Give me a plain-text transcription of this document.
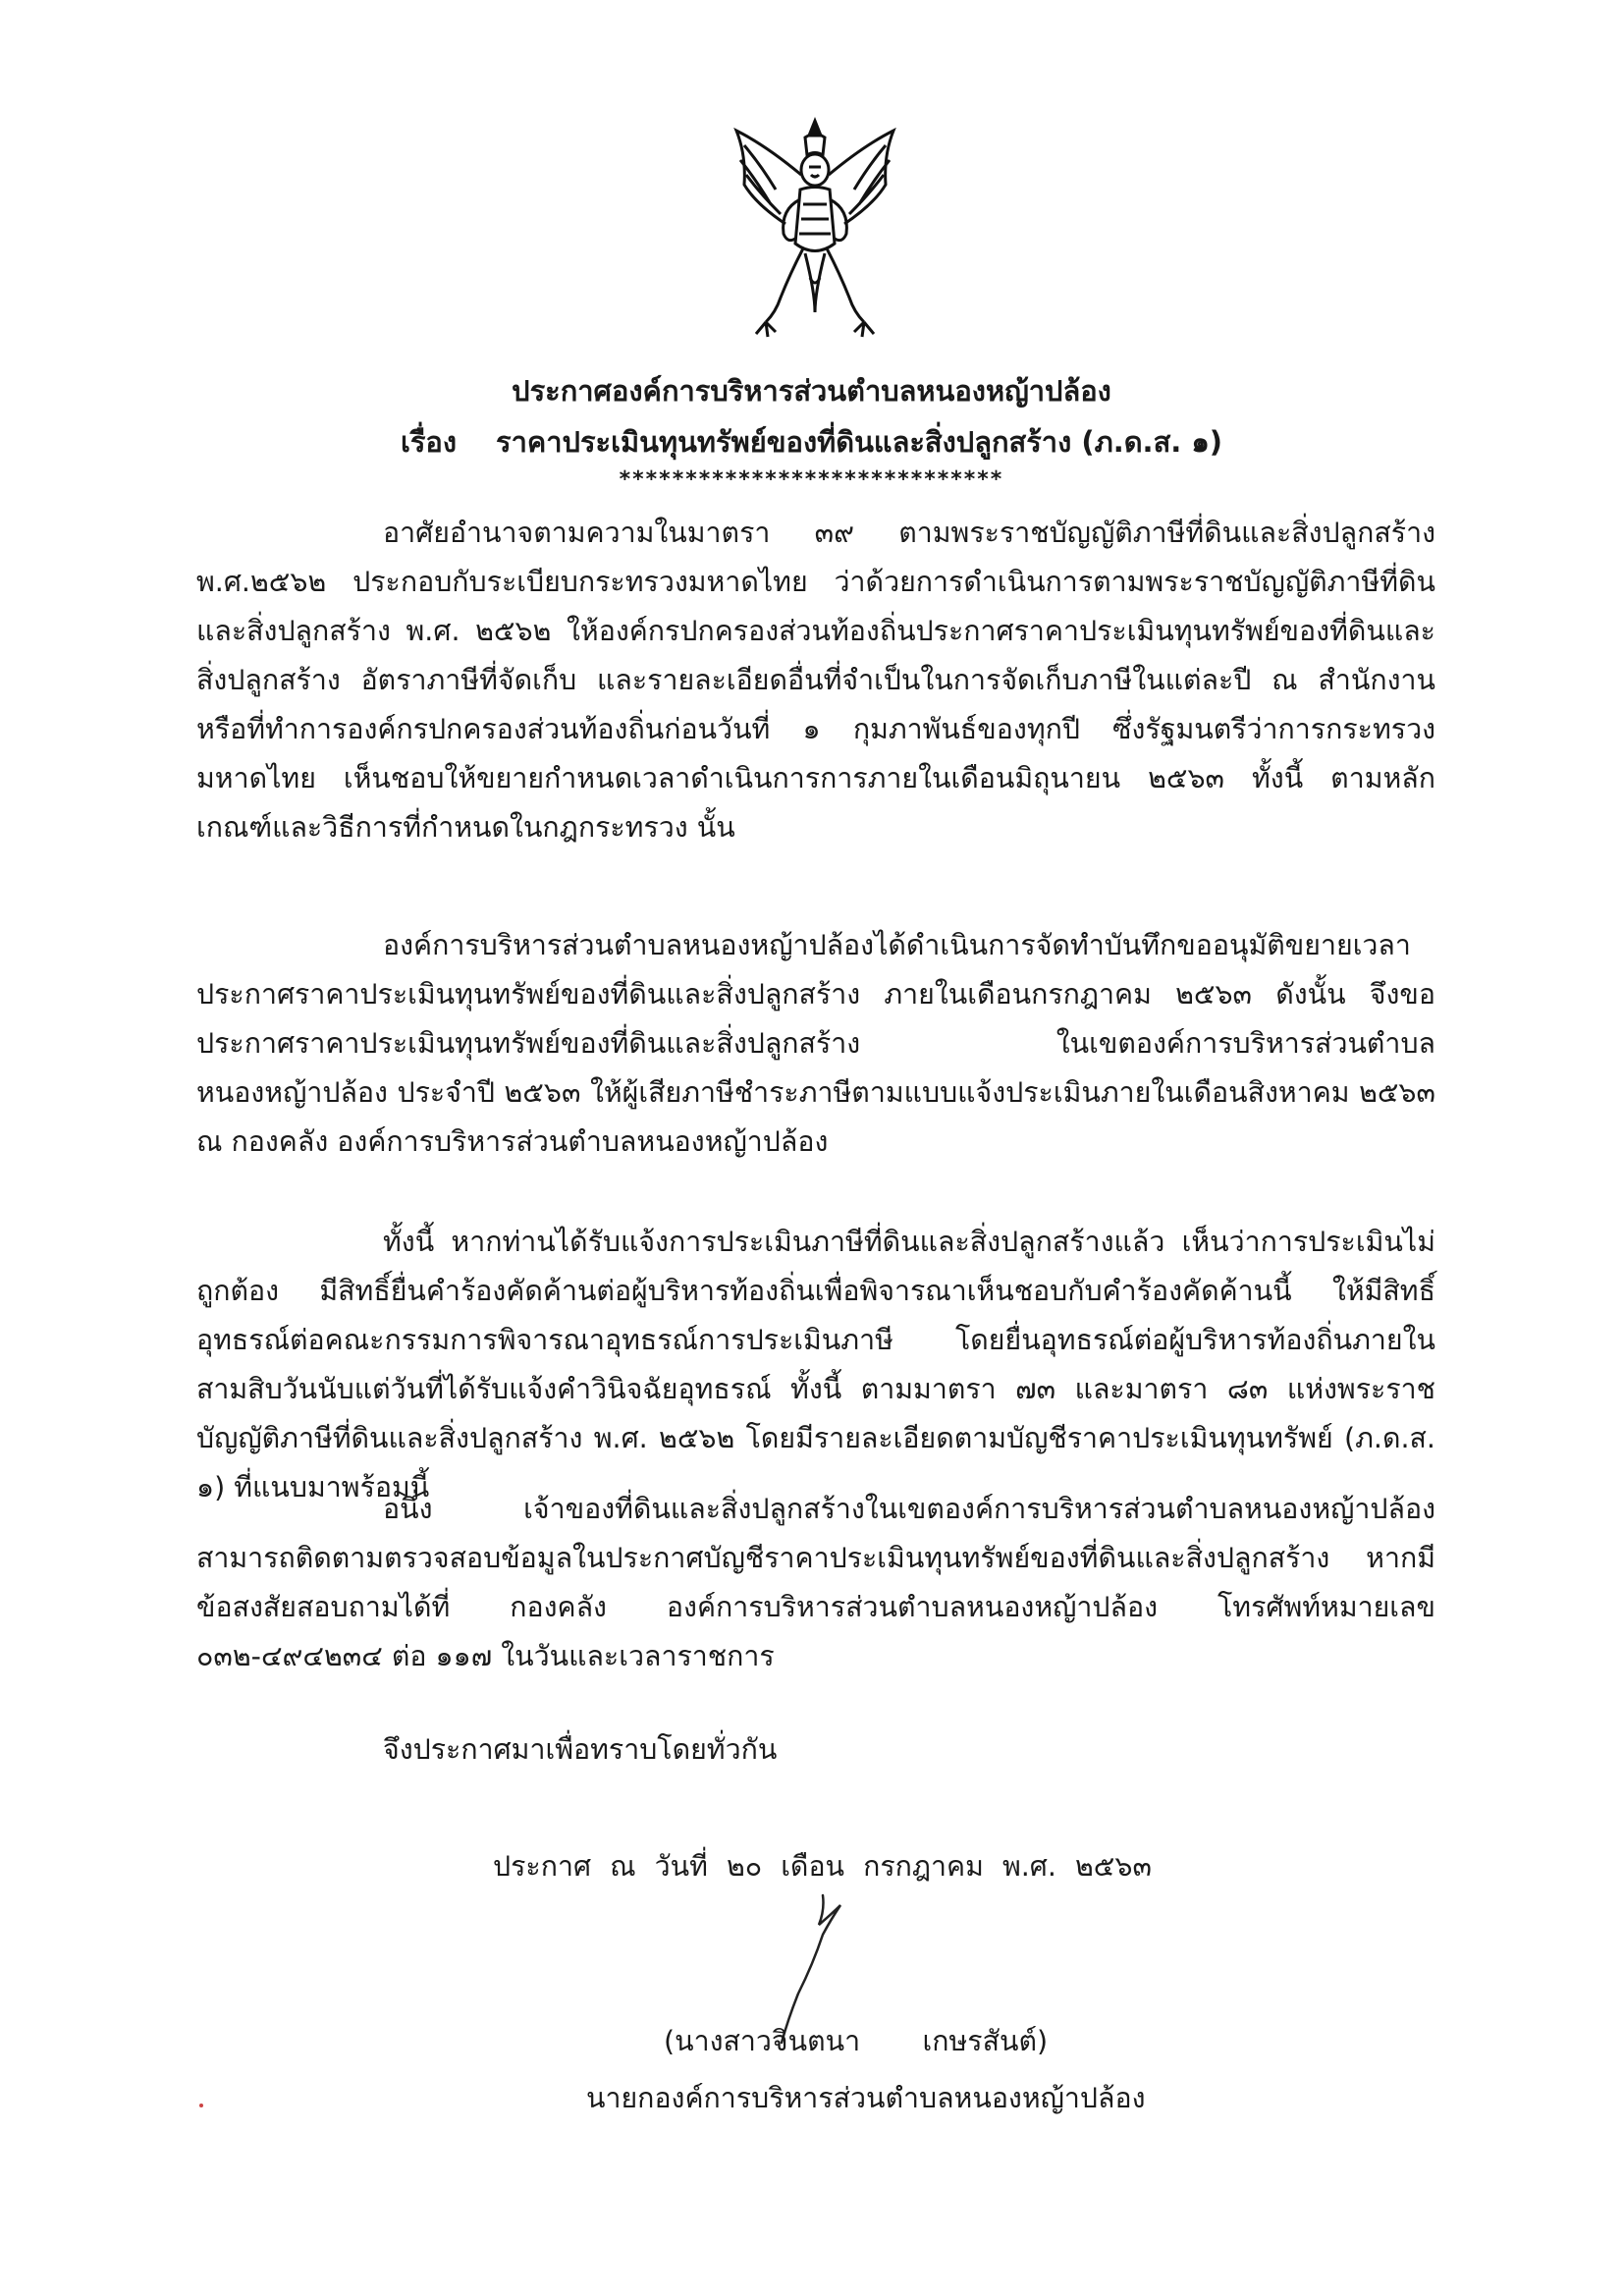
ประกาศองค์การบริหารส่วนตำบลหนองหญ้าปล้อง
เรื่อง ราคาประเมินทุนทรัพย์ของที่ดินและสิ่งปลูกสร้าง (ภ.ด.ส. ๑)
*****************************
อาศัยอำนาจตามความในมาตรา ๓๙ ตามพระราชบัญญัติภาษีที่ดินและสิ่งปลูกสร้าง พ.ศ.๒๕๖๒ ประกอบกับระเบียบกระทรวงมหาดไทย ว่าด้วยการดำเนินการตามพระราชบัญญัติภาษีที่ดินและสิ่งปลูกสร้าง พ.ศ. ๒๕๖๒ ให้องค์กรปกครองส่วนท้องถิ่นประกาศราคาประเมินทุนทรัพย์ของที่ดินและสิ่งปลูกสร้าง อัตราภาษีที่จัดเก็บ และรายละเอียดอื่นที่จำเป็นในการจัดเก็บภาษีในแต่ละปี ณ สำนักงานหรือที่ทำการองค์กรปกครองส่วนท้องถิ่นก่อนวันที่ ๑ กุมภาพันธ์ของทุกปี ซึ่งรัฐมนตรีว่าการกระทรวงมหาดไทย เห็นชอบให้ขยายกำหนดเวลาดำเนินการการภายในเดือนมิถุนายน ๒๕๖๓ ทั้งนี้ ตามหลักเกณฑ์และวิธีการที่กำหนดในกฎกระทรวง นั้น
องค์การบริหารส่วนตำบลหนองหญ้าปล้องได้ดำเนินการจัดทำบันทึกขออนุมัติขยายเวลาประกาศราคาประเมินทุนทรัพย์ของที่ดินและสิ่งปลูกสร้าง ภายในเดือนกรกฎาคม ๒๕๖๓ ดังนั้น จึงขอประกาศราคาประเมินทุนทรัพย์ของที่ดินและสิ่งปลูกสร้าง ในเขตองค์การบริหารส่วนตำบลหนองหญ้าปล้อง ประจำปี ๒๕๖๓ ให้ผู้เสียภาษีชำระภาษีตามแบบแจ้งประเมินภายในเดือนสิงหาคม ๒๕๖๓ ณ กองคลัง องค์การบริหารส่วนตำบลหนองหญ้าปล้อง
ทั้งนี้ หากท่านได้รับแจ้งการประเมินภาษีที่ดินและสิ่งปลูกสร้างแล้ว เห็นว่าการประเมินไม่ถูกต้อง มีสิทธิ์ยื่นคำร้องคัดค้านต่อผู้บริหารท้องถิ่นเพื่อพิจารณาเห็นชอบกับคำร้องคัดค้านนี้ ให้มีสิทธิ์อุทธรณ์ต่อคณะกรรมการพิจารณาอุทธรณ์การประเมินภาษี โดยยื่นอุทธรณ์ต่อผู้บริหารท้องถิ่นภายในสามสิบวันนับแต่วันที่ได้รับแจ้งคำวินิจฉัยอุทธรณ์ ทั้งนี้ ตามมาตรา ๗๓ และมาตรา ๘๓ แห่งพระราชบัญญัติภาษีที่ดินและสิ่งปลูกสร้าง พ.ศ. ๒๕๖๒ โดยมีรายละเอียดตามบัญชีราคาประเมินทุนทรัพย์ (ภ.ด.ส. ๑) ที่แนบมาพร้อมนี้
อนึ่ง เจ้าของที่ดินและสิ่งปลูกสร้างในเขตองค์การบริหารส่วนตำบลหนองหญ้าปล้อง สามารถติดตามตรวจสอบข้อมูลในประกาศบัญชีราคาประเมินทุนทรัพย์ของที่ดินและสิ่งปลูกสร้าง หากมีข้อสงสัยสอบถามได้ที่ กองคลัง องค์การบริหารส่วนตำบลหนองหญ้าปล้อง โทรศัพท์หมายเลข ๐๓๒-๔๙๔๒๓๔ ต่อ ๑๑๗ ในวันและเวลาราชการ
จึงประกาศมาเพื่อทราบโดยทั่วกัน
ประกาศ ณ วันที่ ๒๐ เดือน กรกฎาคม พ.ศ. ๒๕๖๓
(นางสาวจินตนา       เกษรสันต์)
นายกองค์การบริหารส่วนตำบลหนองหญ้าปล้อง
